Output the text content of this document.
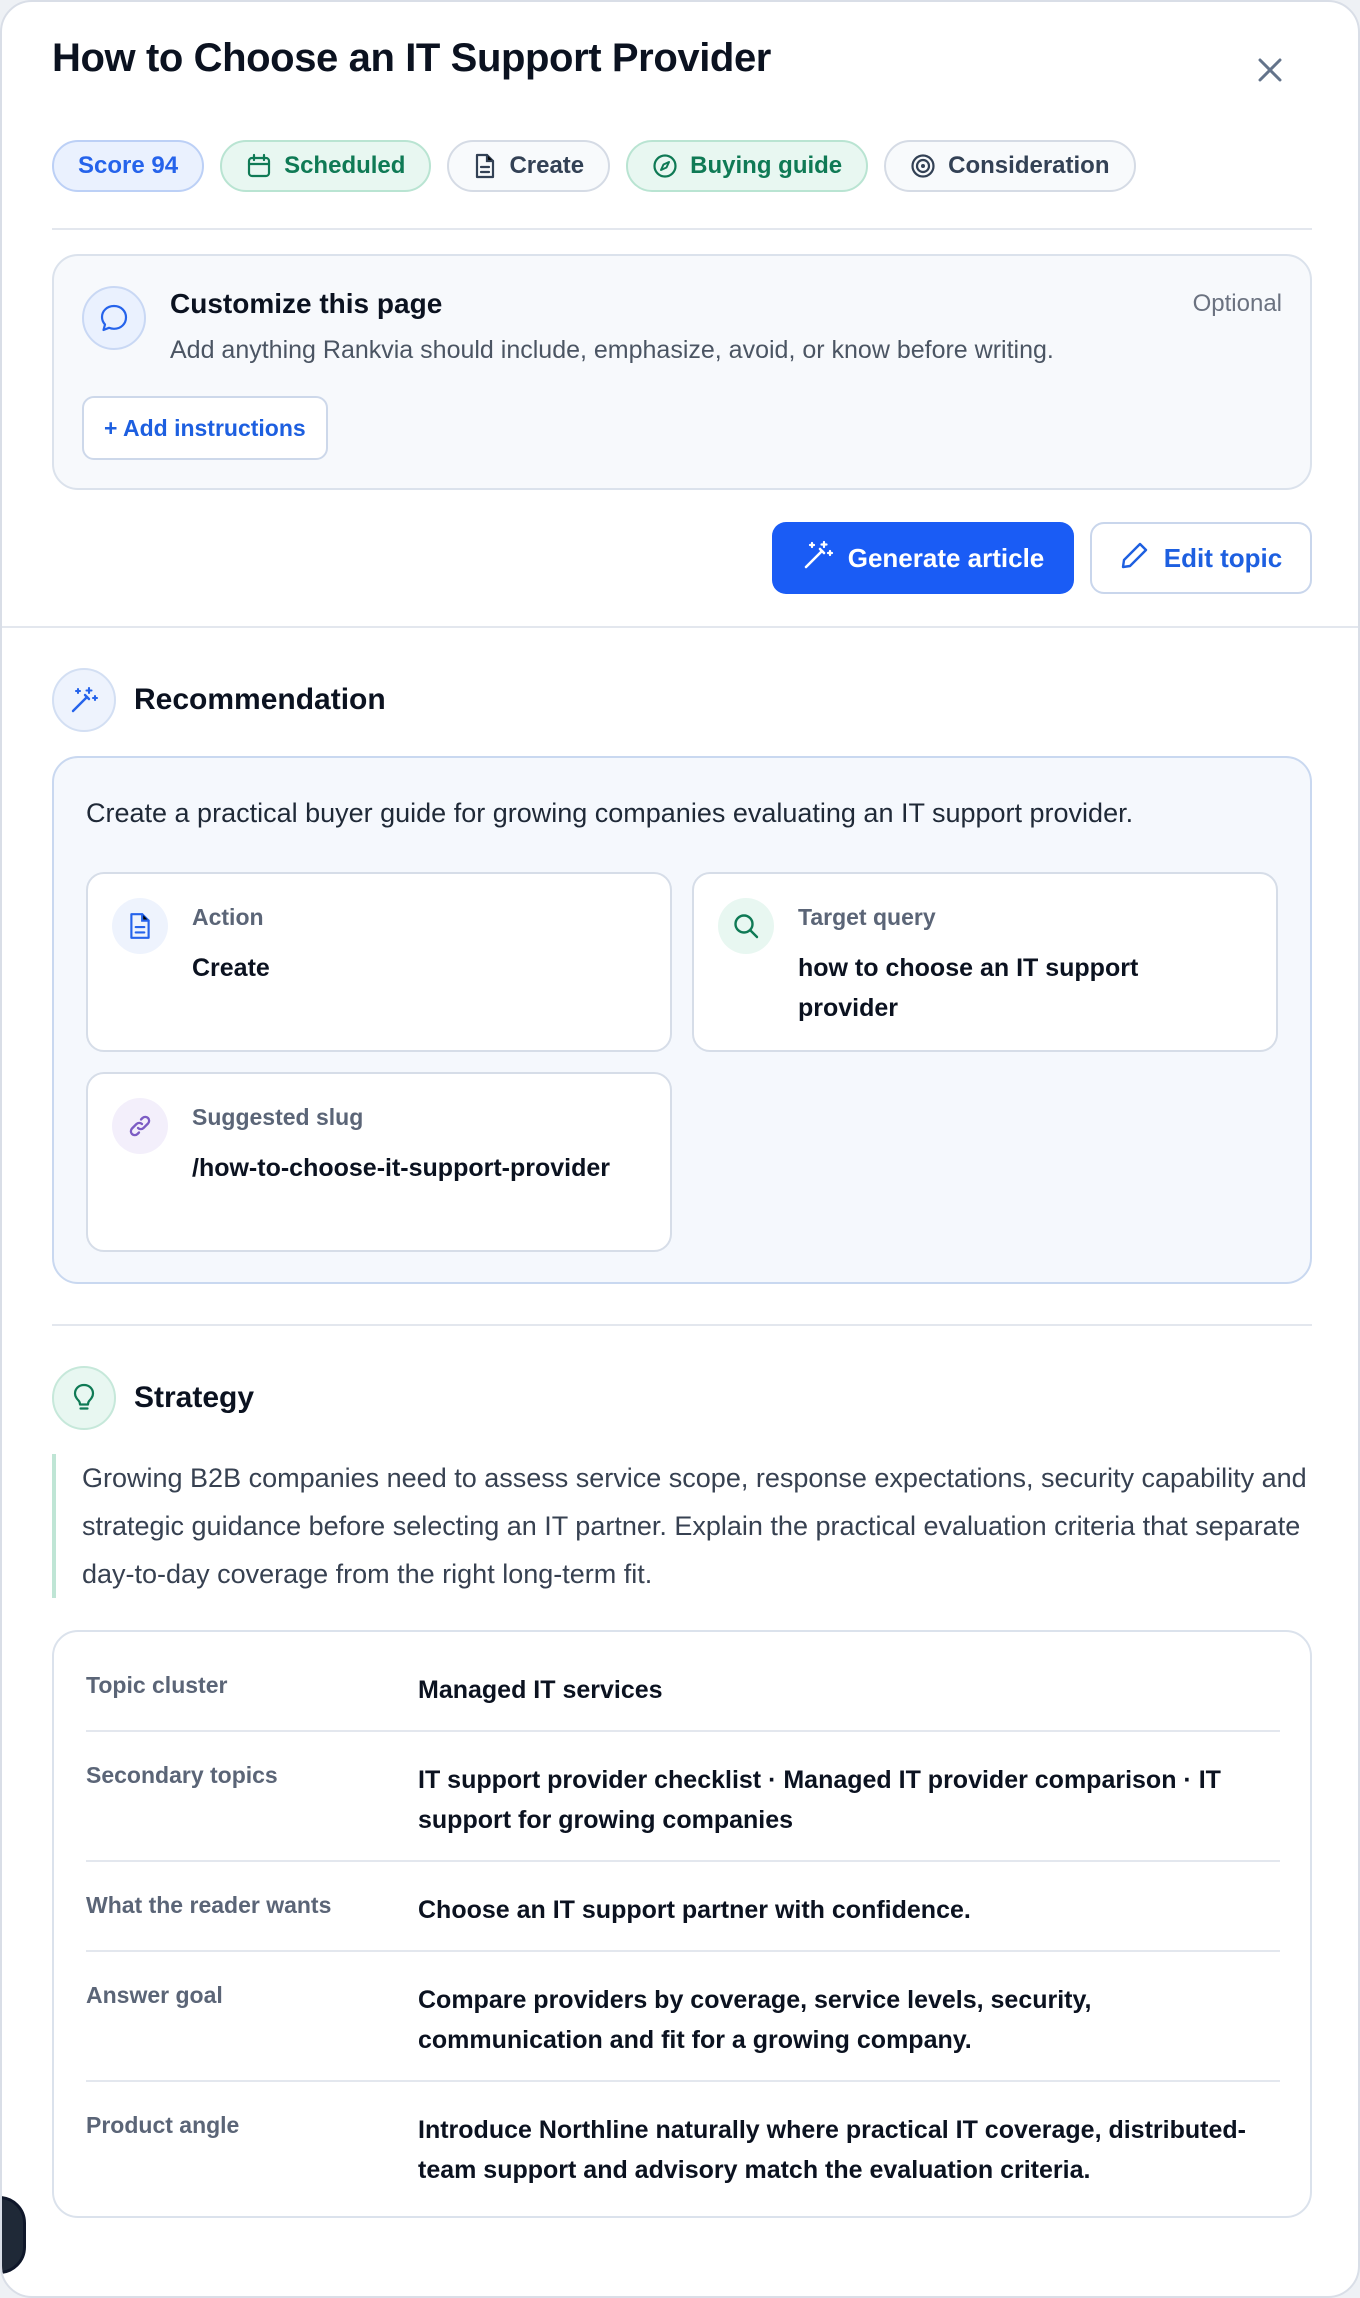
How to Choose an IT Support Provider
Score 94	Scheduled	Create	Buying guide	Consideration
Customize this page
Add anything Rankvia should include, emphasize, avoid, or know before writing.
Optional
+ Add instructions
Generate article	Edit topic
Recommendation
Create a practical buyer guide for growing companies evaluating an IT support provider.
Action
Create
Target query
how to choose an IT support provider
Suggested slug
/how-to-choose-it-support-provider
Strategy
Growing B2B companies need to assess service scope, response expectations, security capability and strategic guidance before selecting an IT partner. Explain the practical evaluation criteria that separate day-to-day coverage from the right long-term fit.
Topic cluster	Managed IT services
Secondary topics	IT support provider checklist · Managed IT provider comparison · IT support for growing companies
What the reader wants	Choose an IT support partner with confidence.
Answer goal	Compare providers by coverage, service levels, security, communication and fit for a growing company.
Product angle	Introduce Northline naturally where practical IT coverage, distributed-team support and advisory match the evaluation criteria.
